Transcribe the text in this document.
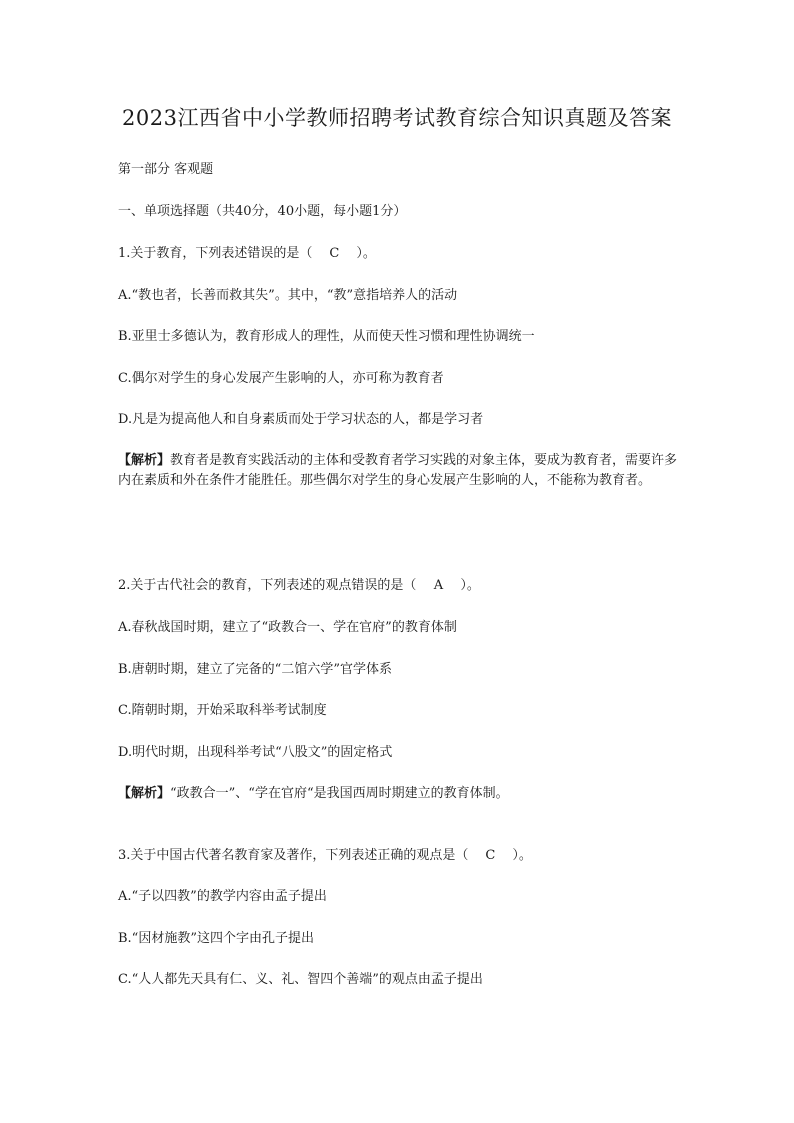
2023江西省中小学教师招聘考试教育综合知识真题及答案

第一部分 客观题

一、单项选择题（共40分，40小题，每小题1分）

1.关于教育，下列表述错误的是（ C ）。

A.“教也者，长善而救其失”。其中，“教”意指培养人的活动

B.亚里士多德认为，教育形成人的理性，从而使天性习惯和理性协调统一

C.偶尔对学生的身心发展产生影响的人，亦可称为教育者

D.凡是为提高他人和自身素质而处于学习状态的人，都是学习者

【解析】教育者是教育实践活动的主体和受教育者学习实践的对象主体，要成为教育者，需要许多内在素质和外在条件才能胜任。那些偶尔对学生的身心发展产生影响的人，不能称为教育者。

2.关于古代社会的教育，下列表述的观点错误的是（ A ）。

A.春秋战国时期，建立了“政教合一、学在官府”的教育体制

B.唐朝时期，建立了完备的“二馆六学”官学体系

C.隋朝时期，开始采取科举考试制度

D.明代时期，出现科举考试“八股文”的固定格式

【解析】“政教合一”、“学在官府“是我国西周时期建立的教育体制。

3.关于中国古代著名教育家及著作，下列表述正确的观点是（ C ）。

A.“子以四教”的教学内容由孟子提出

B.“因材施教”这四个字由孔子提出

C.“人人都先天具有仁、义、礼、智四个善端”的观点由孟子提出
